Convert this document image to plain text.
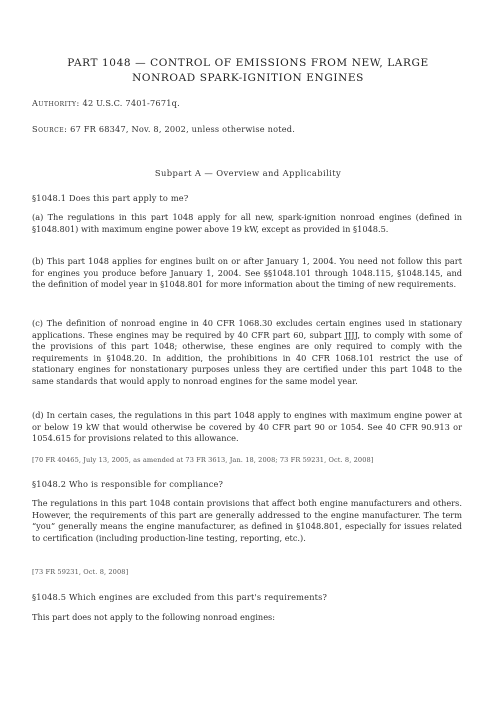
PART 1048 — CONTROL OF EMISSIONS FROM NEW, LARGE
NONROAD SPARK-IGNITION ENGINES
Authority: 42 U.S.C. 7401-7671q.
Source: 67 FR 68347, Nov. 8, 2002, unless otherwise noted.
Subpart A — Overview and Applicability
§1048.1 Does this part apply to me?
(a) The regulations in this part 1048 apply for all new, spark-ignition nonroad engines (defined in §1048.801) with maximum engine power above 19 kW, except as provided in §1048.5.
(b) This part 1048 applies for engines built on or after January 1, 2004. You need not follow this part for engines you produce before January 1, 2004. See §§1048.101 through 1048.115, §1048.145, and the definition of model year in §1048.801 for more information about the timing of new requirements.
(c) The definition of nonroad engine in 40 CFR 1068.30 excludes certain engines used in stationary applications. These engines may be required by 40 CFR part 60, subpart JJJJ, to comply with some of the provisions of this part 1048; otherwise, these engines are only required to comply with the requirements in §1048.20. In addition, the prohibitions in 40 CFR 1068.101 restrict the use of stationary engines for nonstationary purposes unless they are certified under this part 1048 to the same standards that would apply to nonroad engines for the same model year.
(d) In certain cases, the regulations in this part 1048 apply to engines with maximum engine power at or below 19 kW that would otherwise be covered by 40 CFR part 90 or 1054. See 40 CFR 90.913 or 1054.615 for provisions related to this allowance.
[70 FR 40465, July 13, 2005, as amended at 73 FR 3613, Jan. 18, 2008; 73 FR 59231, Oct. 8, 2008]
§1048.2 Who is responsible for compliance?
The regulations in this part 1048 contain provisions that affect both engine manufacturers and others. However, the requirements of this part are generally addressed to the engine manufacturer. The term “you” generally means the engine manufacturer, as defined in §1048.801, especially for issues related to certification (including production-line testing, reporting, etc.).
[73 FR 59231, Oct. 8, 2008]
§1048.5 Which engines are excluded from this part's requirements?
This part does not apply to the following nonroad engines:
